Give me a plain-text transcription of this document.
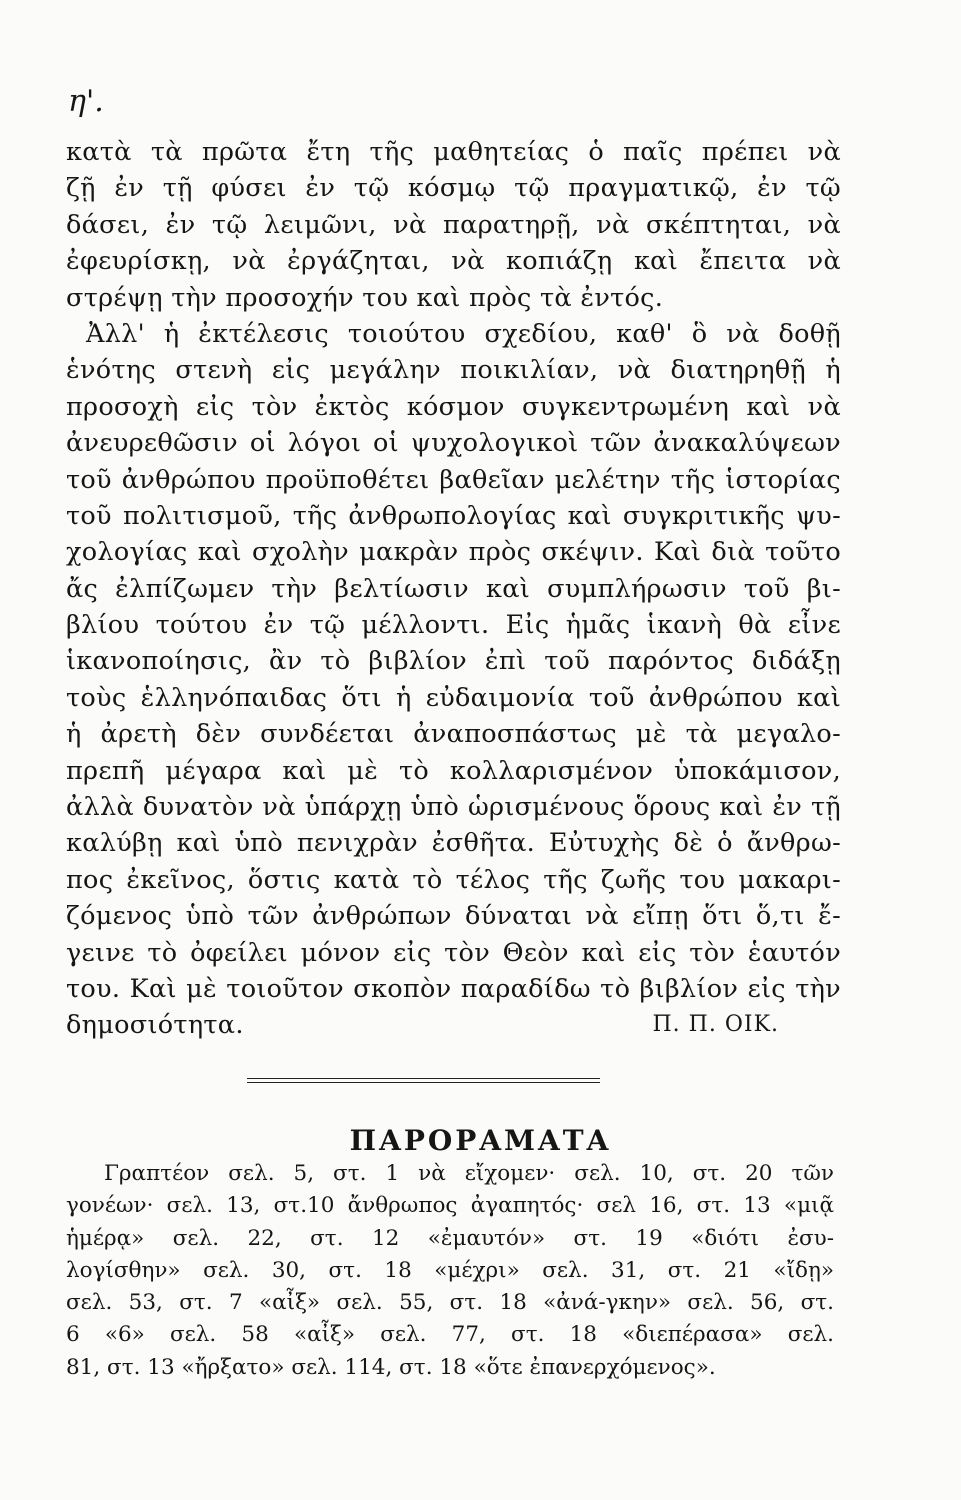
η'.
κατὰ τὰ πρῶτα ἔτη τῆς μαθητείας ὁ παῖς πρέπει νὰ
ζῇ ἐν τῇ φύσει ἐν τῷ κόσμῳ τῷ πραγματικῷ, ἐν τῷ
δάσει, ἐν τῷ λειμῶνι, νὰ παρατηρῇ, νὰ σκέπτηται, νὰ
ἐφευρίσκῃ, νὰ ἐργάζηται, νὰ κοπιάζῃ καὶ ἔπειτα νὰ
στρέψῃ τὴν προσοχήν του καὶ πρὸς τὰ ἐντός.
Ἀλλ' ἡ ἐκτέλεσις τοιούτου σχεδίου, καθ' ὃ νὰ δοθῇ
ἑνότης στενὴ εἰς μεγάλην ποικιλίαν, νὰ διατηρηθῇ ἡ
προσοχὴ εἰς τὸν ἐκτὸς κόσμον συγκεντρωμένη καὶ νὰ
ἀνευρεθῶσιν οἱ λόγοι οἱ ψυχολογικοὶ τῶν ἀνακαλύψεων
τοῦ ἀνθρώπου προϋποθέτει βαθεῖαν μελέτην τῆς ἱστορίας
τοῦ πολιτισμοῦ, τῆς ἀνθρωπολογίας καὶ συγκριτικῆς ψυ-
χολογίας καὶ σχολὴν μακρὰν πρὸς σκέψιν. Καὶ διὰ τοῦτο
ἄς ἐλπίζωμεν τὴν βελτίωσιν καὶ συμπλήρωσιν τοῦ βι-
βλίου τούτου ἐν τῷ μέλλοντι. Εἰς ἡμᾶς ἱκανὴ θὰ εἶνε
ἱκανοποίησις, ἂν τὸ βιβλίον ἐπὶ τοῦ παρόντος διδάξῃ
τοὺς ἑλληνόπαιδας ὅτι ἡ εὐδαιμονία τοῦ ἀνθρώπου καὶ
ἡ ἀρετὴ δὲν συνδέεται ἀναποσπάστως μὲ τὰ μεγαλο-
πρεπῆ μέγαρα καὶ μὲ τὸ κολλαρισμένον ὑποκάμισον,
ἀλλὰ δυνατὸν νὰ ὑπάρχῃ ὑπὸ ὡρισμένους ὅρους καὶ ἐν τῇ
καλύβῃ καὶ ὑπὸ πενιχρὰν ἐσθῆτα. Εὐτυχὴς δὲ ὁ ἄνθρω-
πος ἐκεῖνος, ὅστις κατὰ τὸ τέλος τῆς ζωῆς του μακαρι-
ζόμενος ὑπὸ τῶν ἀνθρώπων δύναται νὰ εἴπῃ ὅτι ὅ,τι ἔ-
γεινε τὸ ὀφείλει μόνον εἰς τὸν Θεὸν καὶ εἰς τὸν ἑαυτόν
του. Καὶ μὲ τοιοῦτον σκοπὸν παραδίδω τὸ βιβλίον εἰς τὴν
δημοσιότητα.	Π. Π. ΟΙΚ.
ΠΑΡΟΡΑΜΑΤΑ
Γραπτέον σελ. 5, στ. 1 νὰ εἴχομεν· σελ. 10, στ. 20 τῶν
γονέων· σελ. 13, στ.10 ἄνθρωπος ἀγαπητός· σελ 16, στ. 13 «μιᾷ
ἡμέρᾳ» σελ. 22, στ. 12 «ἐμαυτόν» στ. 19 «διότι ἐσυ-
λογίσθην» σελ. 30, στ. 18 «μέχρι» σελ. 31, στ. 21 «ἴδῃ»
σελ. 53, στ. 7 «αἶξ» σελ. 55, στ. 18 «ἀνά-γκην» σελ. 56, στ.
6 «6» σελ. 58 «αἶξ» σελ. 77, στ. 18 «διεπέρασα» σελ.
81, στ. 13 «ἤρξατο» σελ. 114, στ. 18 «ὅτε ἐπανερχόμενος».
